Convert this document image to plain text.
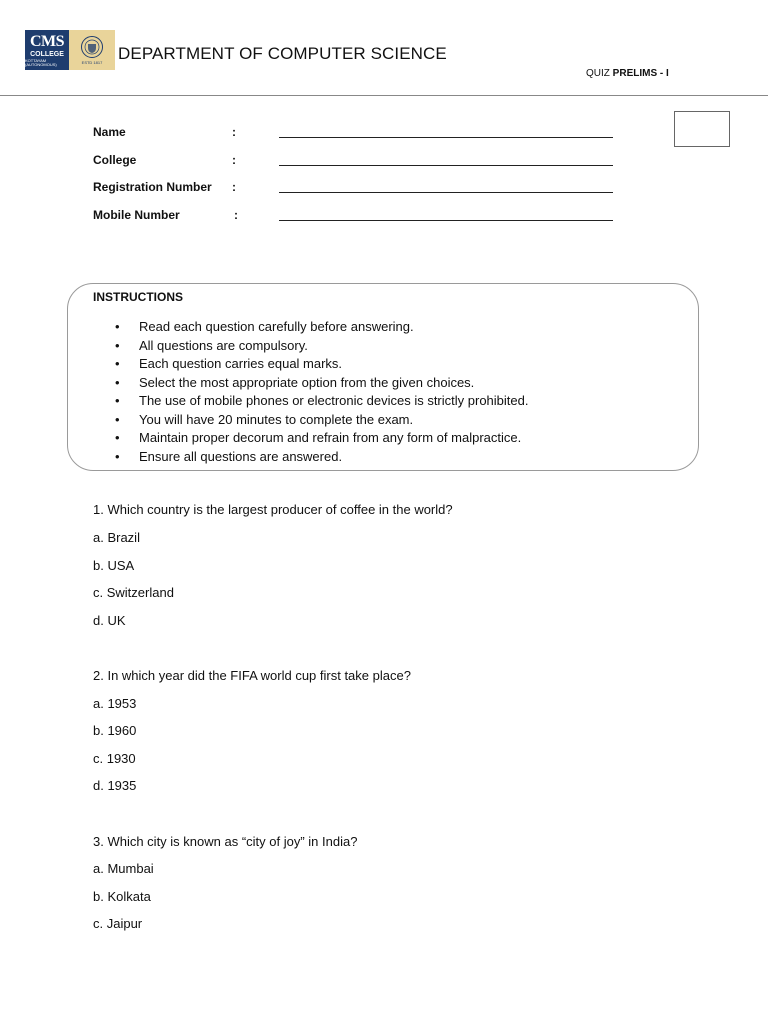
CMS
COLLEGE
KOTTAYAM (AUTONOMOUS)	ESTD 1817 DEPARTMENT OF COMPUTER SCIENCE
QUIZ PRELIMS - I
Name	:
College	:
Registration Number :
Mobile Number	:
INSTRUCTIONS
• Read each question carefully before answering.
• All questions are compulsory.
• Each question carries equal marks.
• Select the most appropriate option from the given choices.
• The use of mobile phones or electronic devices is strictly prohibited.
• You will have 20 minutes to complete the exam.
• Maintain proper decorum and refrain from any form of malpractice.
• Ensure all questions are answered.
1. Which country is the largest producer of coffee in the world?
a. Brazil
b. USA
c. Switzerland
d. UK
2. In which year did the FIFA world cup first take place?
a. 1953
b. 1960
c. 1930
d. 1935
3. Which city is known as “city of joy” in India?
a. Mumbai
b. Kolkata
c. Jaipur
